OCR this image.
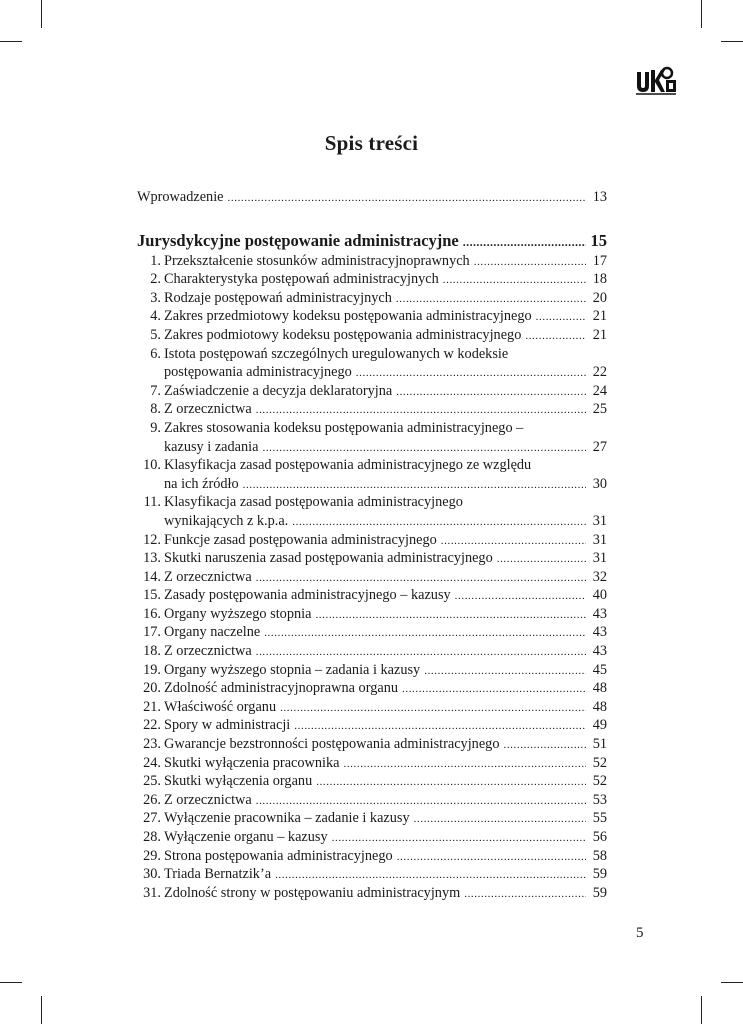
Spis treści
Wprowadzenie .....	13
Jurysdykcyjne postępowanie administracyjne .....	15
1. Przekształcenie stosunków administracyjnoprawnych .....	17
2. Charakterystyka postępowań administracyjnych .....	18
3. Rodzaje postępowań administracyjnych .....	20
4. Zakres przedmiotowy kodeksu postępowania administracyjnego .....	21
5. Zakres podmiotowy kodeksu postępowania administracyjnego .....	21
6. Istota postępowań szczególnych uregulowanych w kodeksie
postępowania administracyjnego .....	22
7. Zaświadczenie a decyzja deklaratoryjna .....	24
8. Z orzecznictwa .....	25
9. Zakres stosowania kodeksu postępowania administracyjnego –
kazusy i zadania .....	27
10. Klasyfikacja zasad postępowania administracyjnego ze względu
na ich źródło .....	30
11. Klasyfikacja zasad postępowania administracyjnego
wynikających z k.p.a. .....	31
12. Funkcje zasad postępowania administracyjnego .....	31
13. Skutki naruszenia zasad postępowania administracyjnego .....	31
14. Z orzecznictwa .....	32
15. Zasady postępowania administracyjnego – kazusy .....	40
16. Organy wyższego stopnia .....	43
17. Organy naczelne .....	43
18. Z orzecznictwa .....	43
19. Organy wyższego stopnia – zadania i kazusy .....	45
20. Zdolność administracyjnoprawna organu .....	48
21. Właściwość organu .....	48
22. Spory w administracji .....	49
23. Gwarancje bezstronności postępowania administracyjnego .....	51
24. Skutki wyłączenia pracownika .....	52
25. Skutki wyłączenia organu .....	52
26. Z orzecznictwa .....	53
27. Wyłączenie pracownika – zadanie i kazusy .....	55
28. Wyłączenie organu – kazusy .....	56
29. Strona postępowania administracyjnego .....	58
30. Triada Bernatzik’a .....	59
31. Zdolność strony w postępowaniu administracyjnym .....	59
5
